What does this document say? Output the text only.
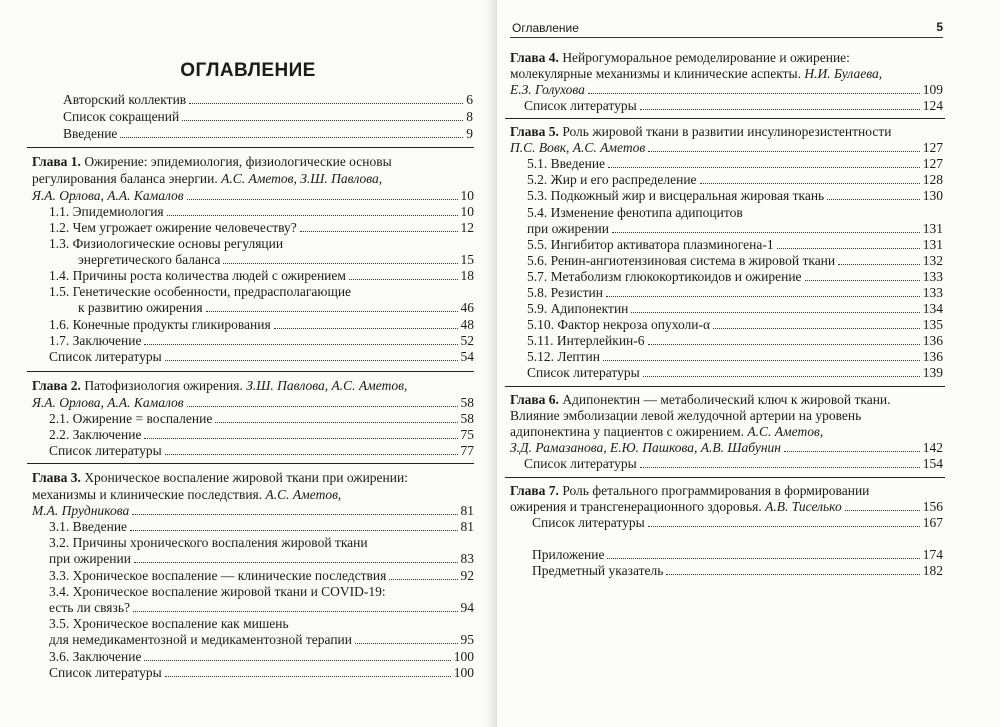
ОГЛАВЛЕНИЕ
Авторский коллектив	6
Список сокращений	8
Введение	9
Глава 1.
Ожирение: эпидемиология, физиологические основы
регулирования баланса энергии.
А.С. Аметов, З.Ш. Павлова,
Я.А. Орлова, А.А. Камалов	10
1.1. Эпидемиология	10
1.2. Чем угрожает ожирение человечеству?	12
1.3. Физиологические основы регуляции
энергетического баланса	15
1.4. Причины роста количества людей с ожирением	18
1.5. Генетические особенности, предрасполагающие
к развитию ожирения	46
1.6. Конечные продукты гликирования	48
1.7. Заключение	52
Список литературы	54
Глава 2.
Патофизиология ожирения.
З.Ш. Павлова, А.С. Аметов,
Я.А. Орлова, А.А. Камалов	58
2.1. Ожирение = воспаление	58
2.2. Заключение	75
Список литературы	77
Глава 3.
Хроническое воспаление жировой ткани при ожирении:
механизмы и клинические последствия.
А.С. Аметов,
М.А. Прудникова	81
3.1. Введение	81
3.2. Причины хронического воспаления жировой ткани
при ожирении	83
3.3. Хроническое воспаление — клинические последствия	92
3.4. Хроническое воспаление жировой ткани и COVID-19:
есть ли связь?	94
3.5. Хроническое воспаление как мишень
для немедикаментозной и медикаментозной терапии	95
3.6. Заключение	100
Список литературы	100
Оглавление	5
Глава 4.
Нейрогуморальное ремоделирование и ожирение:
молекулярные механизмы и клинические аспекты.
Н.И. Булаева,
Е.З. Голухова	109
Список литературы	124
Глава 5.
Роль жировой ткани в развитии инсулинорезистентности
П.С. Вовк, А.С. Аметов	127
5.1. Введение	127
5.2. Жир и его распределение	128
5.3. Подкожный жир и висцеральная жировая ткань	130
5.4. Изменение фенотипа адипоцитов
при ожирении	131
5.5. Ингибитор активатора плазминогена-1	131
5.6. Ренин-ангиотензиновая система в жировой ткани	132
5.7. Метаболизм глюкокортикоидов и ожирение	133
5.8. Резистин	133
5.9. Адипонектин	134
5.10. Фактор некроза опухоли-α	135
5.11. Интерлейкин-6	136
5.12. Лептин	136
Список литературы	139
Глава 6.
Адипонектин — метаболический ключ к жировой ткани.
Влияние эмболизации левой желудочной артерии на уровень
адипонектина у пациентов с ожирением.
А.С. Аметов,
З.Д. Рамазанова, Е.Ю. Пашкова, А.В. Шабунин	142
Список литературы	154
Глава 7.
Роль фетального программирования в формировании
ожирения и трансгенерационного здоровья.
А.В. Тиселько	156
Список литературы	167
Приложение	174
Предметный указатель	182
